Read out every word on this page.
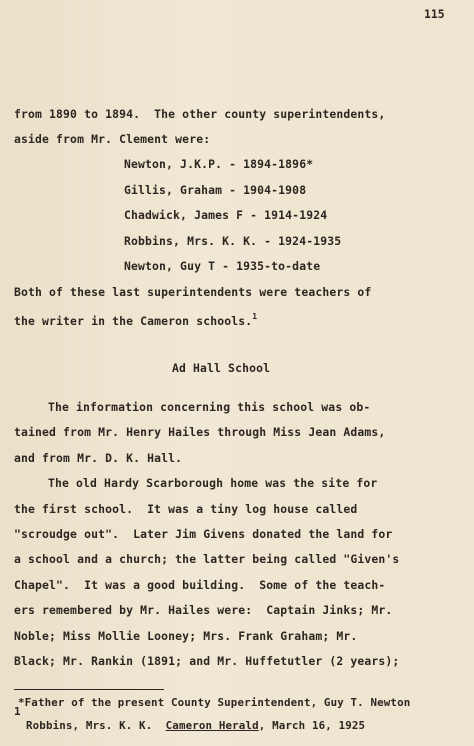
115
from 1890 to 1894.  The other county superintendents,
aside from Mr. Clement were:
Newton, J.K.P. - 1894-1896*
Gillis, Graham - 1904-1908
Chadwick, James F - 1914-1924
Robbins, Mrs. K. K. - 1924-1935
Newton, Guy T - 1935-to-date
Both of these last superintendents were teachers of
the writer in the Cameron schools.$^1$
Ad Hall School
The information concerning this school was ob-
tained from Mr. Henry Hailes through Miss Jean Adams,
and from Mr. D. K. Hall.
The old Hardy Scarborough home was the site for
the first school.  It was a tiny log house called
"scroudge out".  Later Jim Givens donated the land for
a school and a church; the latter being called "Given's
Chapel".  It was a good building.  Some of the teach-
ers remembered by Mr. Hailes were:  Captain Jinks; Mr.
Noble; Miss Mollie Looney; Mrs. Frank Graham; Mr.
Black; Mr. Rankin (1891; and Mr. Huffetutler (2 years);
*Father of the present County Superintendent, Guy T. Newton
1
Robbins, Mrs. K. K.  Cameron Herald, March 16, 1925
